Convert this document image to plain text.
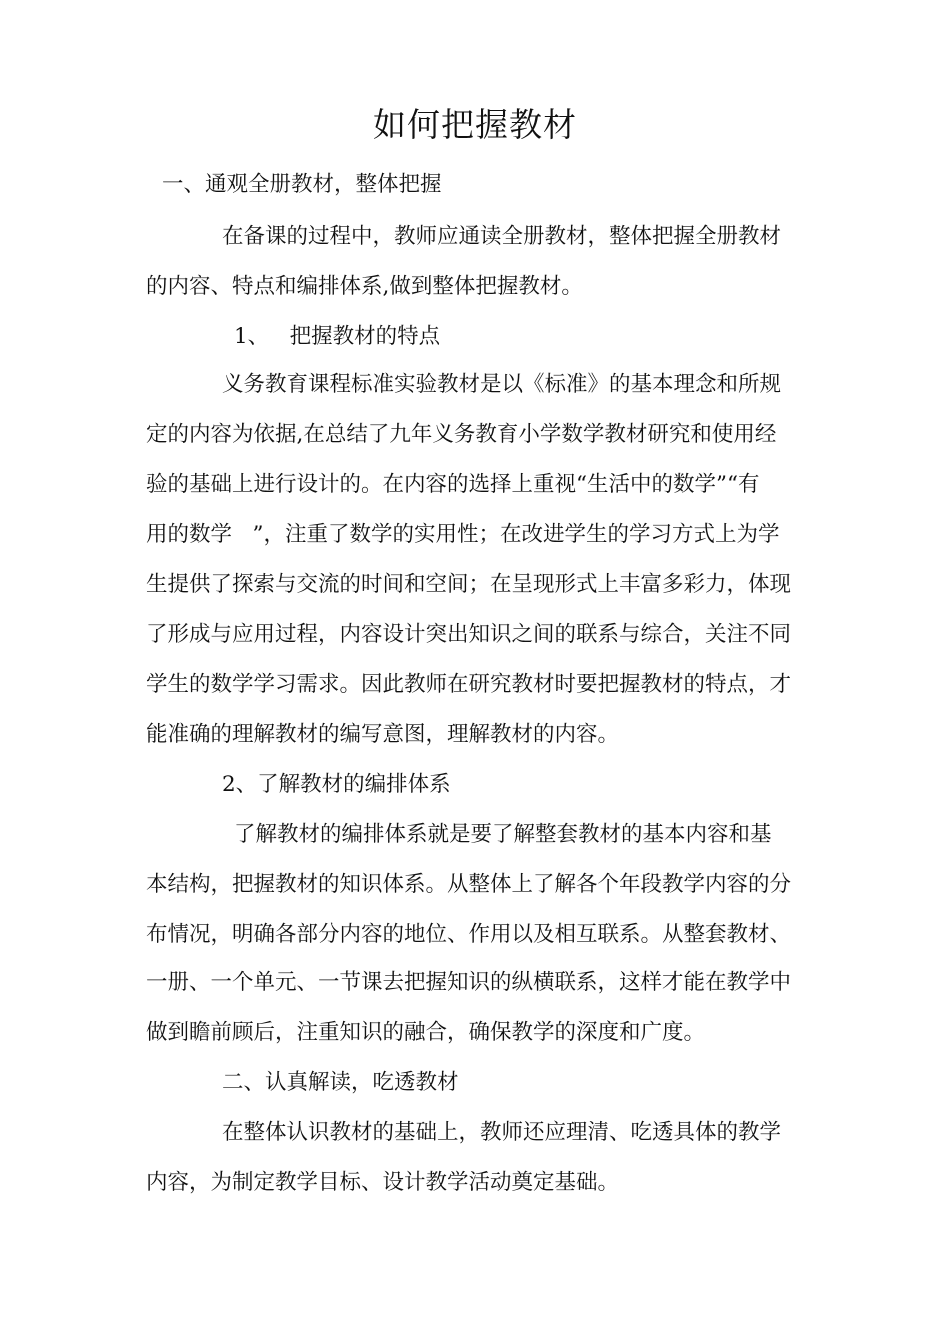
如何把握教材

一、通观全册教材，整体把握

在备课的过程中，教师应通读全册教材，整体把握全册教材

的内容、特点和编排体系,做到整体把握教材。

1、   把握教材的特点

义务教育课程标准实验教材是以《标准》的基本理念和所规

定的内容为依据,在总结了九年义务教育小学数学教材研究和使用经

验的基础上进行设计的。在内容的选择上重视“生活中的数学”“有

用的数学   ”，注重了数学的实用性；在改进学生的学习方式上为学

生提供了探索与交流的时间和空间；在呈现形式上丰富多彩力，体现

了形成与应用过程，内容设计突出知识之间的联系与综合，关注不同

学生的数学学习需求。因此教师在研究教材时要把握教材的特点，才

能准确的理解教材的编写意图，理解教材的内容。

2、了解教材的编排体系

了解教材的编排体系就是要了解整套教材的基本内容和基

本结构，把握教材的知识体系。从整体上了解各个年段教学内容的分

布情况，明确各部分内容的地位、作用以及相互联系。从整套教材、

一册、一个单元、一节课去把握知识的纵横联系，这样才能在教学中

做到瞻前顾后，注重知识的融合，确保教学的深度和广度。

二、认真解读，吃透教材

在整体认识教材的基础上，教师还应理清、吃透具体的教学

内容，为制定教学目标、设计教学活动奠定基础。
